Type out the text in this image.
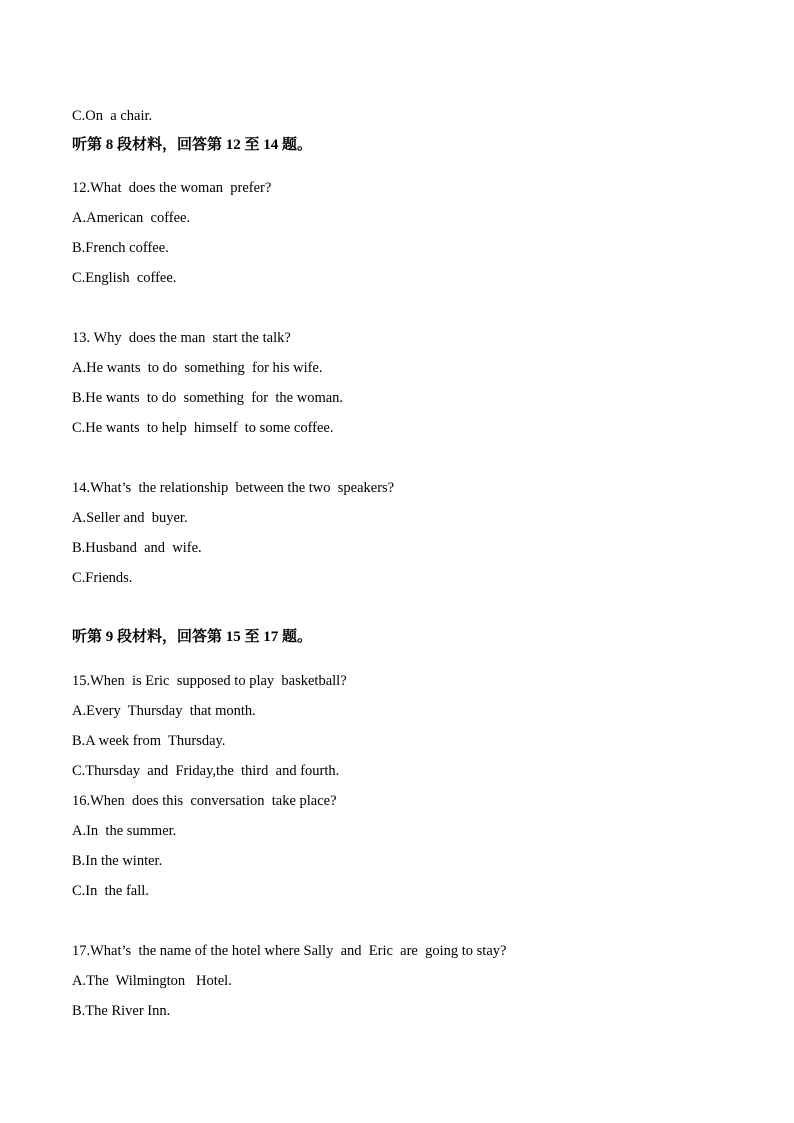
C.On  a chair.

听第 8 段材料，回答第 12 至 14 题。

12.What  does the woman  prefer?

A.American  coffee.

B.French coffee.

C.English  coffee.

13. Why  does the man  start the talk?

A.He wants  to do  something  for his wife.

B.He wants  to do  something  for  the woman.

C.He wants  to help  himself  to some coffee.

14.What’s  the relationship  between the two  speakers?

A.Seller and  buyer.

B.Husband  and  wife.

C.Friends.

听第 9 段材料，回答第 15 至 17 题。

15.When  is Eric  supposed to play  basketball?

A.Every  Thursday  that month.

B.A week from  Thursday.

C.Thursday  and  Friday,the  third  and fourth.

16.When  does this  conversation  take place?

A.In  the summer.

B.In the winter.

C.In  the fall.

17.What’s  the name of the hotel where Sally  and  Eric  are  going to stay?

A.The  Wilmington   Hotel.

B.The River Inn.
